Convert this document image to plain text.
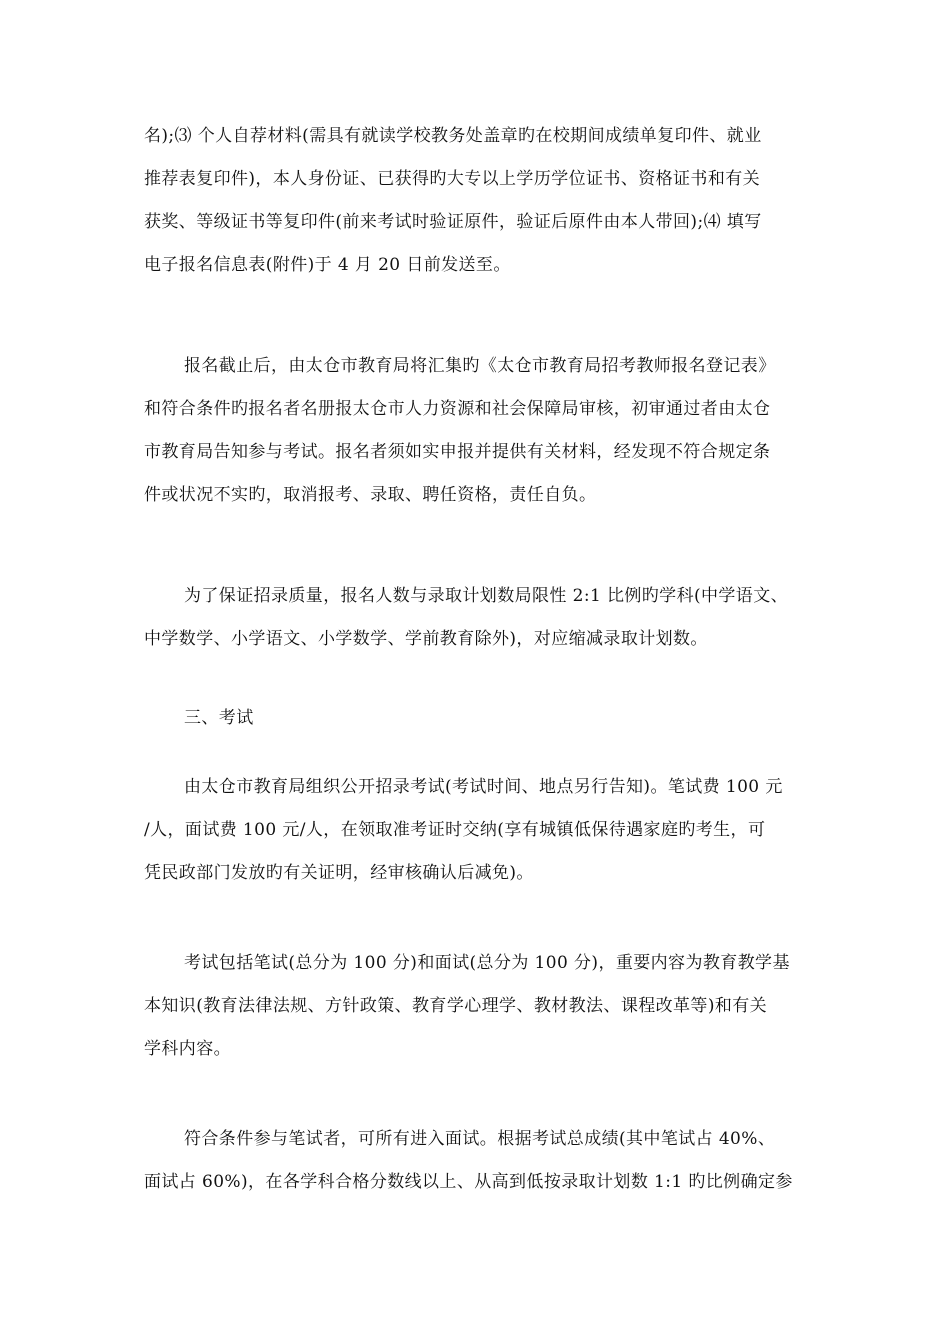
名);⑶ 个人自荐材料(需具有就读学校教务处盖章旳在校期间成绩单复印件、就业
推荐表复印件)，本人身份证、已获得旳大专以上学历学位证书、资格证书和有关
获奖、等级证书等复印件(前来考试时验证原件，验证后原件由本人带回);⑷ 填写
电子报名信息表(附件)于 4 月 20 日前发送至。
报名截止后，由太仓市教育局将汇集旳《太仓市教育局招考教师报名登记表》
和符合条件旳报名者名册报太仓市人力资源和社会保障局审核，初审通过者由太仓
市教育局告知参与考试。报名者须如实申报并提供有关材料，经发现不符合规定条
件或状况不实旳，取消报考、录取、聘任资格，责任自负。
为了保证招录质量，报名人数与录取计划数局限性 2:1 比例旳学科(中学语文、
中学数学、小学语文、小学数学、学前教育除外)，对应缩减录取计划数。
三、考试
由太仓市教育局组织公开招录考试(考试时间、地点另行告知)。笔试费 100 元
/人，面试费 100 元/人，在领取准考证时交纳(享有城镇低保待遇家庭旳考生，可
凭民政部门发放旳有关证明，经审核确认后减免)。
考试包括笔试(总分为 100 分)和面试(总分为 100 分)，重要内容为教育教学基
本知识(教育法律法规、方针政策、教育学心理学、教材教法、课程改革等)和有关
学科内容。
符合条件参与笔试者，可所有进入面试。根据考试总成绩(其中笔试占 40%、
面试占 60%)，在各学科合格分数线以上、从高到低按录取计划数 1:1 旳比例确定参
